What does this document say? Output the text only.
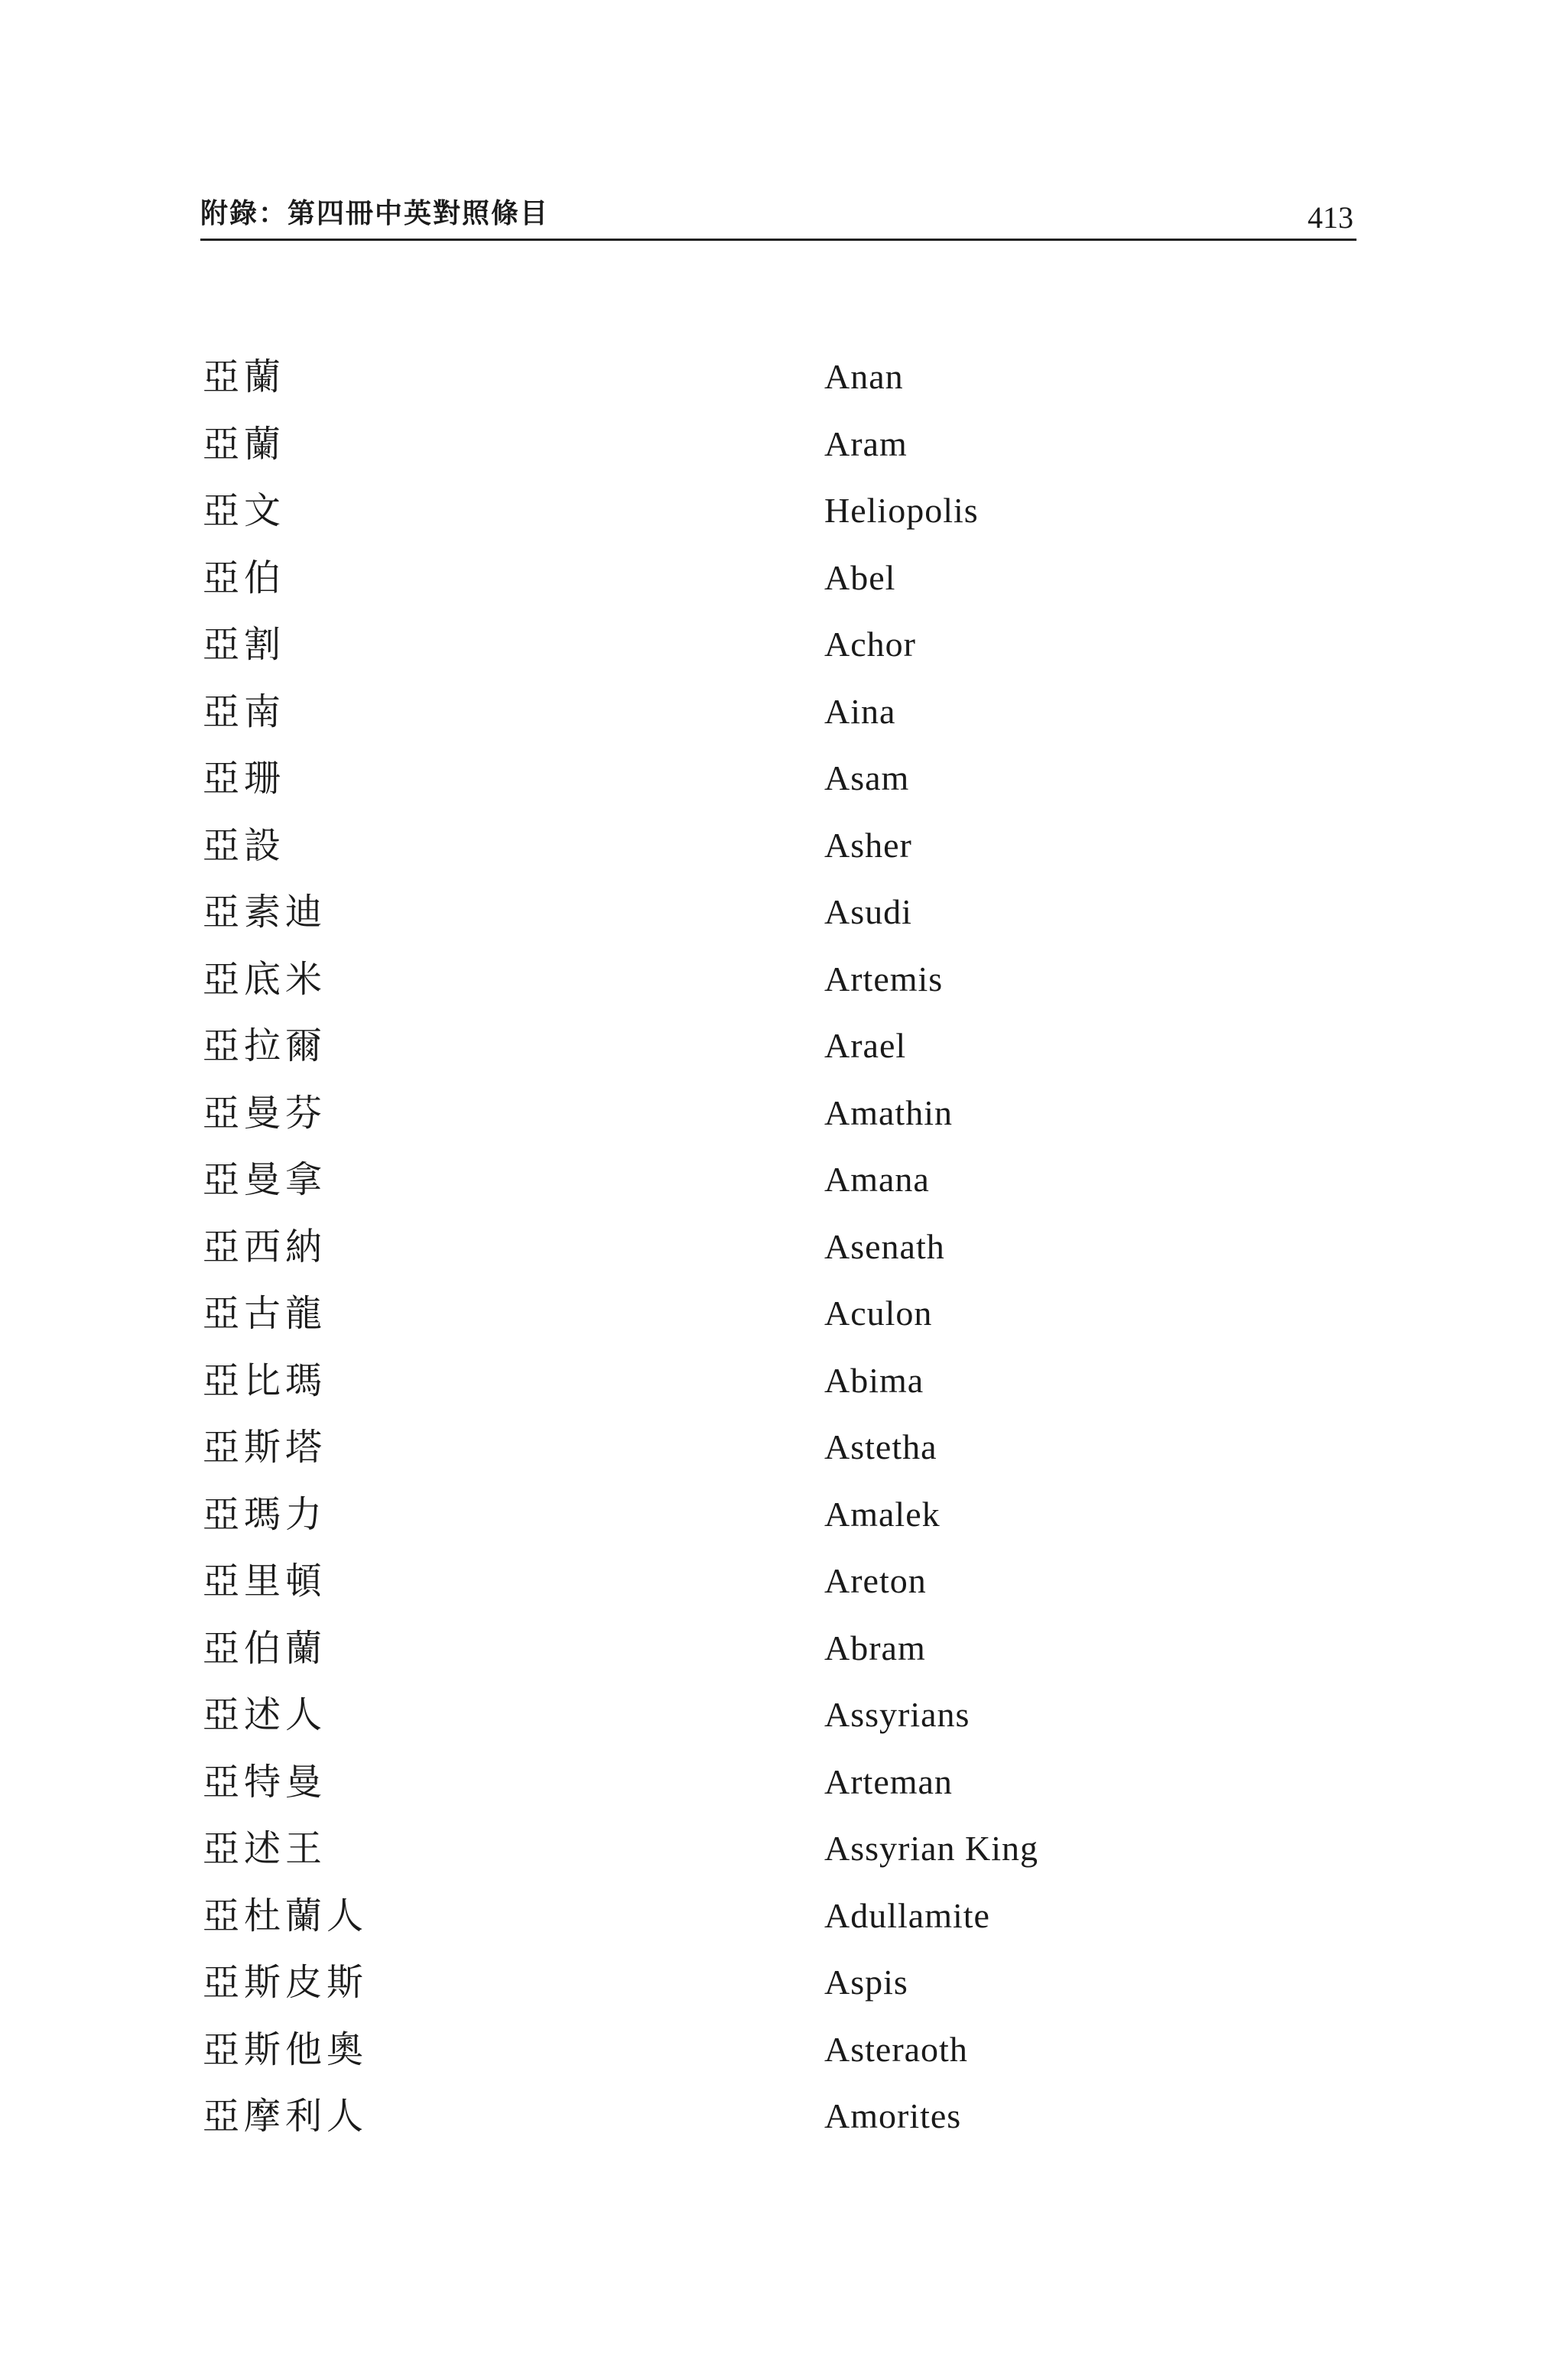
附錄：第四冊中英對照條目	413
亞蘭	Anan
亞蘭	Aram
亞文	Heliopolis
亞伯	Abel
亞割	Achor
亞南	Aina
亞珊	Asam
亞設	Asher
亞素迪	Asudi
亞底米	Artemis
亞拉爾	Arael
亞曼芬	Amathin
亞曼拿	Amana
亞西納	Asenath
亞古龍	Aculon
亞比瑪	Abima
亞斯塔	Astetha
亞瑪力	Amalek
亞里頓	Areton
亞伯蘭	Abram
亞述人	Assyrians
亞特曼	Arteman
亞述王	Assyrian King
亞杜蘭人	Adullamite
亞斯皮斯	Aspis
亞斯他奧	Asteraoth
亞摩利人	Amorites
